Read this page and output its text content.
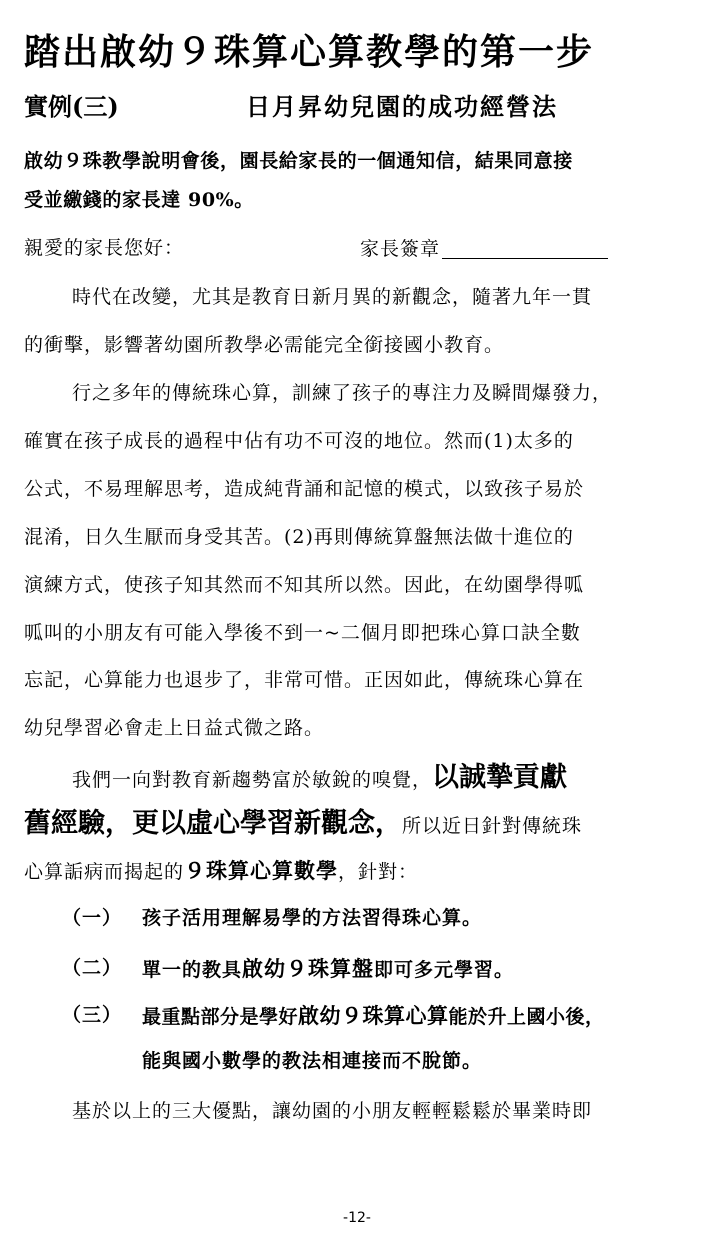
踏出啟幼９珠算心算教學的第一步
實例(三)	日月昇幼兒園的成功經營法
啟幼９珠教學說明會後，園長給家長的一個通知信，結果同意接
受並繳錢的家長達 90%。
親愛的家長您好：	家長簽章
時代在改變，尤其是教育日新月異的新觀念，隨著九年一貫
的衝擊，影響著幼園所教學必需能完全銜接國小教育。
行之多年的傳統珠心算，訓練了孩子的專注力及瞬間爆發力，
確實在孩子成長的過程中佔有功不可沒的地位。然而(1)太多的
公式，不易理解思考，造成純背誦和記憶的模式，以致孩子易於
混淆，日久生厭而身受其苦。(2)再則傳統算盤無法做十進位的
演練方式，使孩子知其然而不知其所以然。因此，在幼園學得呱
呱叫的小朋友有可能入學後不到一~二個月即把珠心算口訣全數
忘記，心算能力也退步了，非常可惜。正因如此，傳統珠心算在
幼兒學習必會走上日益式微之路。
我們一向對教育新趨勢富於敏銳的嗅覺，以誠摯貢獻
舊經驗，更以虛心學習新觀念，所以近日針對傳統珠
心算詬病而揭起的９珠算心算數學，針對：
（一） 孩子活用理解易學的方法習得珠心算。
（二） 單一的教具啟幼９珠算盤即可多元學習。
（三） 最重點部分是學好啟幼９珠算心算能於升上國小後，
能與國小數學的教法相連接而不脫節。
基於以上的三大優點，讓幼園的小朋友輕輕鬆鬆於畢業時即
-12-
